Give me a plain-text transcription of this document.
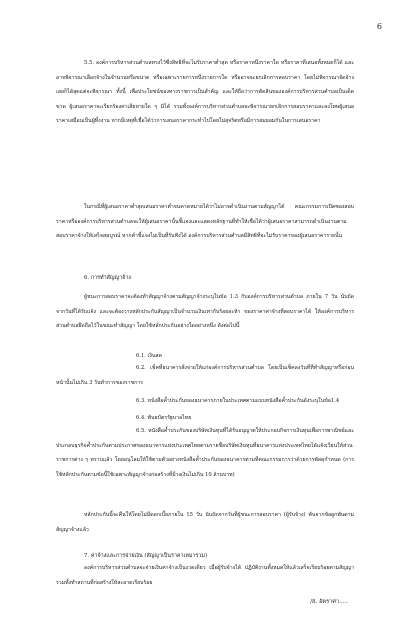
6
5.5. องค์การบริหารส่วนตำบลทรงไว้ซึ่งสิทธิที่จะไม่รับราคาต่ำสุด หรือราคาหนึ่งราคาใด หรือราคาที่เสนอทั้งหมดก็ได้ และอาจพิจารณาเลือกจ้างในจำนวนหรือขนาด หรือเฉพาะรายการหนึ่งรายการใด หรืออาจจะยกเลิกการสอบราคา โดยไม่พิจารณาจัดจ้างเลยก็ได้สุดแต่จะพิจารณา ทั้งนี้ เพื่อประโยชน์ของทางราชการเป็นสำคัญ และให้ถือว่าการตัดสินขององค์การบริหารส่วนตำบลเป็นเด็ดขาด ผู้เสนอราคาจะเรียกร้องค่าเสียหายใด ๆ มิได้ รวมทั้งองค์การบริหารส่วนตำบลจะพิจารณายกเลิกการสอบราคาและลงโทษผู้เสนอราคาเสมือนเป็นผู้ทิ้งงาน หากมีเหตุที่เชื่อได้ว่าการเสนอราคากระทำไปโดยไม่สุจริตหรือมีการสมยอมกันในการเสนอราคา
ในกรณีที่ผู้เสนอราคาต่ำสุดเสนอราคาต่ำจนคาดหมายได้ว่าไม่อาจดำเนินงานตามสัญญาได้ คณะกรรมการเปิดซองสอบราคาหรือองค์การบริหารส่วนตำบลจะให้ผู้เสนอราคานั้นชี้แจงและแสดงหลักฐานที่ทำให้เชื่อได้ว่าผู้เสนอราคาสามารถดำเนินงานตามสอบราคาจ้างให้เสร็จสมบูรณ์ หากคำชี้แจงไม่เป็นที่รับฟังได้ องค์การบริหารส่วนตำบลมีสิทธิที่จะไม่รับราคาของผู้เสนอราคารายนั้น
6. การทำสัญญาจ้าง
ผู้ชนะการสอบราคาจะต้องทำสัญญาจ้างตามสัญญาจ้างระบุในข้อ 1.3 กับองค์การบริหารส่วนตำบล ภายใน 7 วัน นับถัดจากวันที่ได้รับแจ้ง และจะต้องวางหลักประกันสัญญาเป็นจำนวนเงินเท่ากับร้อยละห้า ของราคาค่าจ้างที่สอบราคาได้ ให้องค์การบริหารส่วนตำบลยึดถือไว้ในขณะทำสัญญา โดยใช้หลักประกันอย่างใดอย่างหนึ่ง ดังต่อไปนี้
6.1. เงินสด
6.2. เช็คที่ธนาคารสั่งจ่ายให้แก่องค์การบริหารส่วนตำบล โดยเป็นเช็คลงวันที่ที่ทำสัญญาหรือก่อนหน้านั้นไม่เกิน 3 วันทำการของราชการ
6.3. หนังสือค้ำประกันของธนาคารภายในประเทศตามแบบหนังสือค้ำประกันดังระบุในข้อ1.4
6.4. พันธบัตรรัฐบาลไทย
6.5. หนังสือค้ำประกันของบริษัทเงินทุนที่ได้รับอนุญาตให้ประกอบกิจการเงินทุนเพื่อการพาณิชย์และประกอบธุรกิจค้ำประกันตามประกาศของธนาคารแห่งประเทศไทยตามรายชื่อบริษัทเงินทุนที่ธนาคารแห่งประเทศไทยได้แจ้งเวียนให้ส่วนราชการต่าง ๆ ทราบแล้ว โดยอนุโลมให้ใช้ตามตัวอย่างหนังสือค้ำประกันของธนาคารตามที่คณะกรรมการว่าด้วยการพัสดุกำหนด (การใช้หลักประกันตามข้อนี้ใช้เฉพาะสัญญาจ้างก่อสร้างที่มีวงเงินไม่เกิน 10 ล้านบาท)
หลักประกันนี้จะคืนให้โดยไม่มีดอกเบี้ยภายใน 15 วัน นับถัดจากวันที่ผู้ชนะการสอบราคา (ผู้รับจ้าง) พ้นจากข้อผูกพันตามสัญญาจ้างแล้ว
7. ค่าจ้างและการจ่ายเงิน (สัญญาเป็นราคาเหมารวม)
องค์การบริหารส่วนตำบลจะจ่ายเงินค่าจ้างเป็นงวดเดียว เมื่อผู้รับจ้างได้ ปฏิบัติงานทั้งหมดให้แล้วเสร็จเรียบร้อยตามสัญญา รวมทั้งทำสถานที่ก่อสร้างให้สะอาดเรียบร้อย
/8. อัตราค่า.....
